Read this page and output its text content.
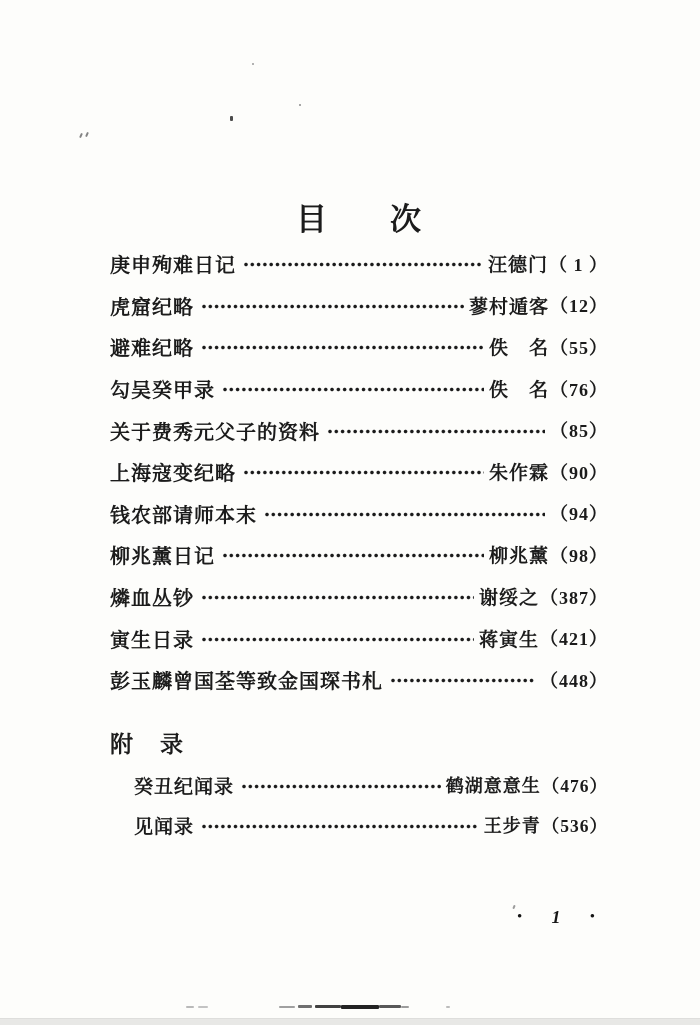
目 次
庚申殉难日记	汪德门 （ 1 ）
虎窟纪略	蓼村遁客 （12）
避难纪略	佚　名 （55）
勾吴癸甲录	佚　名 （76）
关于费秀元父子的资料	（85）
上海寇变纪略	朱作霖 （90）
钱农部请师本末	（94）
柳兆薰日记	柳兆薰 （98）
燐血丛钞	谢绥之 （387）
寅生日录	蒋寅生 （421）
彭玉麟曾国荃等致金国琛书札	（448）
附　录
癸丑纪闻录	鹤湖意意生 （476）
见闻录	王步青 （536）
• 1 •
